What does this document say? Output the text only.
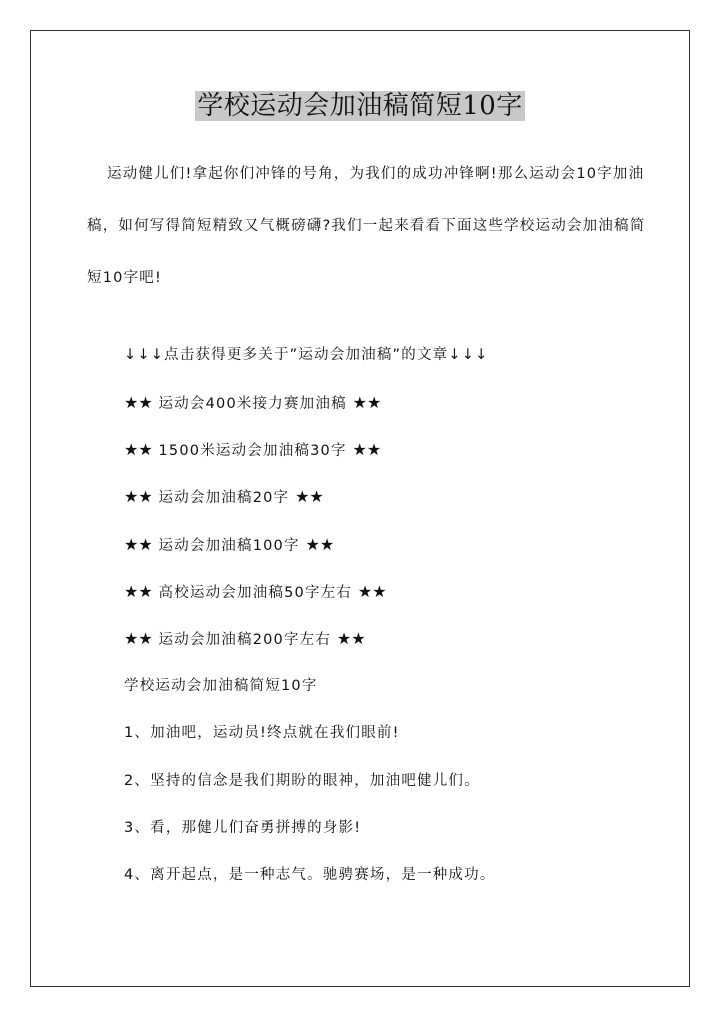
学校运动会加油稿简短10字

运动健儿们!拿起你们冲锋的号角，为我们的成功冲锋啊!那么运动会10字加油稿，如何写得简短精致又气概磅礴?我们一起来看看下面这些学校运动会加油稿简短10字吧!

↓↓↓点击获得更多关于”运动会加油稿”的文章↓↓↓
★★ 运动会400米接力赛加油稿 ★★
★★ 1500米运动会加油稿30字 ★★
★★ 运动会加油稿20字 ★★
★★ 运动会加油稿100字 ★★
★★ 高校运动会加油稿50字左右 ★★
★★ 运动会加油稿200字左右 ★★
学校运动会加油稿简短10字
1、加油吧，运动员!终点就在我们眼前!
2、坚持的信念是我们期盼的眼神，加油吧健儿们。
3、看，那健儿们奋勇拼搏的身影!
4、离开起点，是一种志气。驰骋赛场，是一种成功。
